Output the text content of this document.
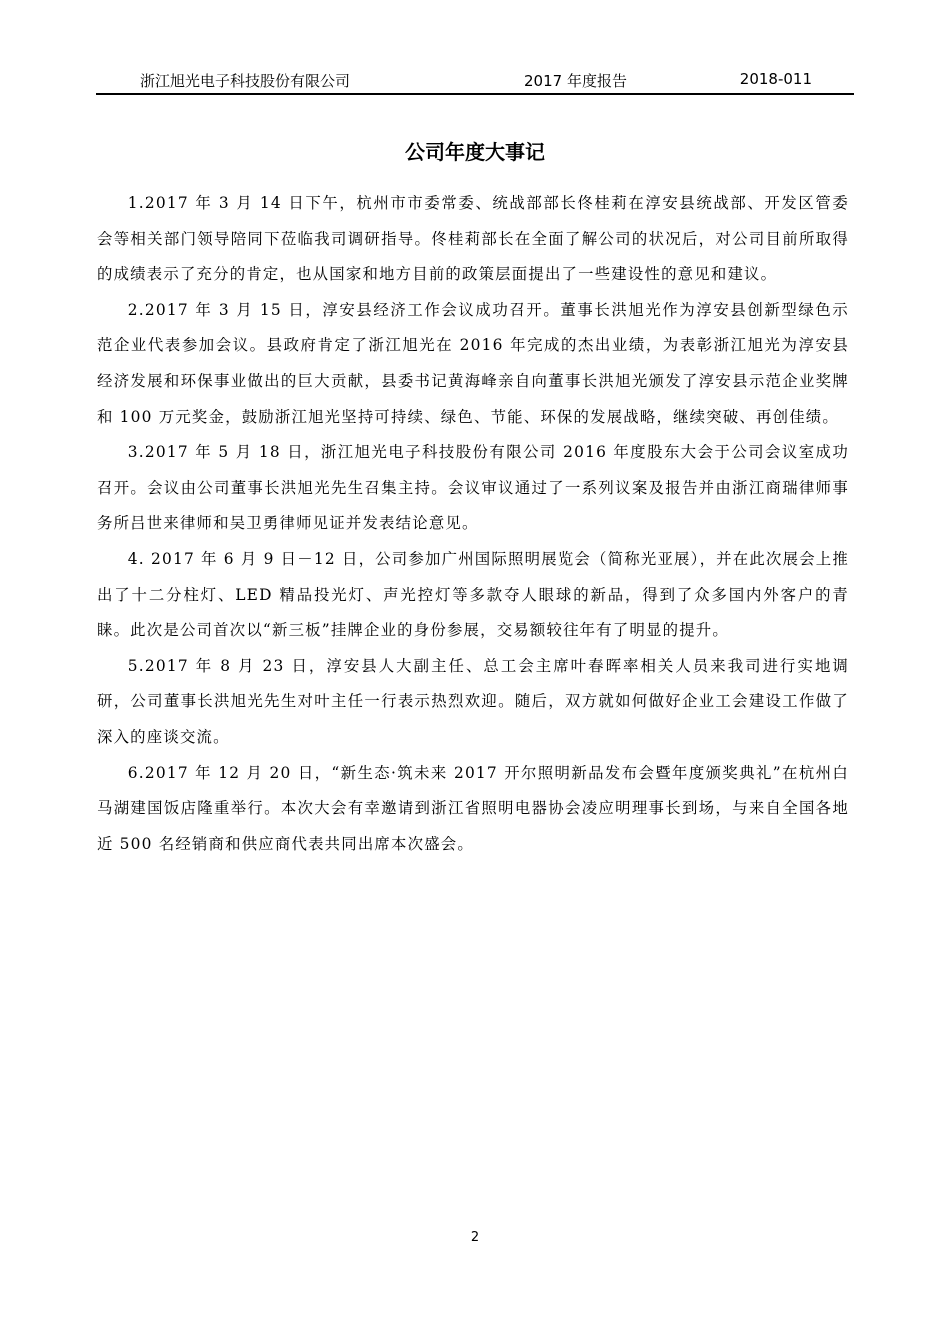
浙江旭光电子科技股份有限公司	2017 年度报告	2018-011
公司年度大事记

1.2017 年 3 月 14 日下午，杭州市市委常委、统战部部长佟桂莉在淳安县统战部、开发区管委会等相关部门领导陪同下莅临我司调研指导。佟桂莉部长在全面了解公司的状况后，对公司目前所取得的成绩表示了充分的肯定，也从国家和地方目前的政策层面提出了一些建设性的意见和建议。

2.2017 年 3 月 15 日，淳安县经济工作会议成功召开。董事长洪旭光作为淳安县创新型绿色示范企业代表参加会议。县政府肯定了浙江旭光在 2016 年完成的杰出业绩，为表彰浙江旭光为淳安县经济发展和环保事业做出的巨大贡献，县委书记黄海峰亲自向董事长洪旭光颁发了淳安县示范企业奖牌和 100 万元奖金，鼓励浙江旭光坚持可持续、绿色、节能、环保的发展战略，继续突破、再创佳绩。

3.2017 年 5 月 18 日，浙江旭光电子科技股份有限公司 2016 年度股东大会于公司会议室成功召开。会议由公司董事长洪旭光先生召集主持。会议审议通过了一系列议案及报告并由浙江商瑞律师事务所吕世来律师和吴卫勇律师见证并发表结论意见。

4. 2017 年 6 月 9 日－12 日，公司参加广州国际照明展览会（简称光亚展），并在此次展会上推出了十二分柱灯、LED 精品投光灯、声光控灯等多款夺人眼球的新品，得到了众多国内外客户的青睐。此次是公司首次以“新三板”挂牌企业的身份参展，交易额较往年有了明显的提升。

5.2017 年 8 月 23 日，淳安县人大副主任、总工会主席叶春晖率相关人员来我司进行实地调研，公司董事长洪旭光先生对叶主任一行表示热烈欢迎。随后，双方就如何做好企业工会建设工作做了深入的座谈交流。

6.2017 年 12 月 20 日，“新生态·筑未来 2017 开尔照明新品发布会暨年度颁奖典礼”在杭州白马湖建国饭店隆重举行。本次大会有幸邀请到浙江省照明电器协会凌应明理事长到场，与来自全国各地近 500 名经销商和供应商代表共同出席本次盛会。

2
